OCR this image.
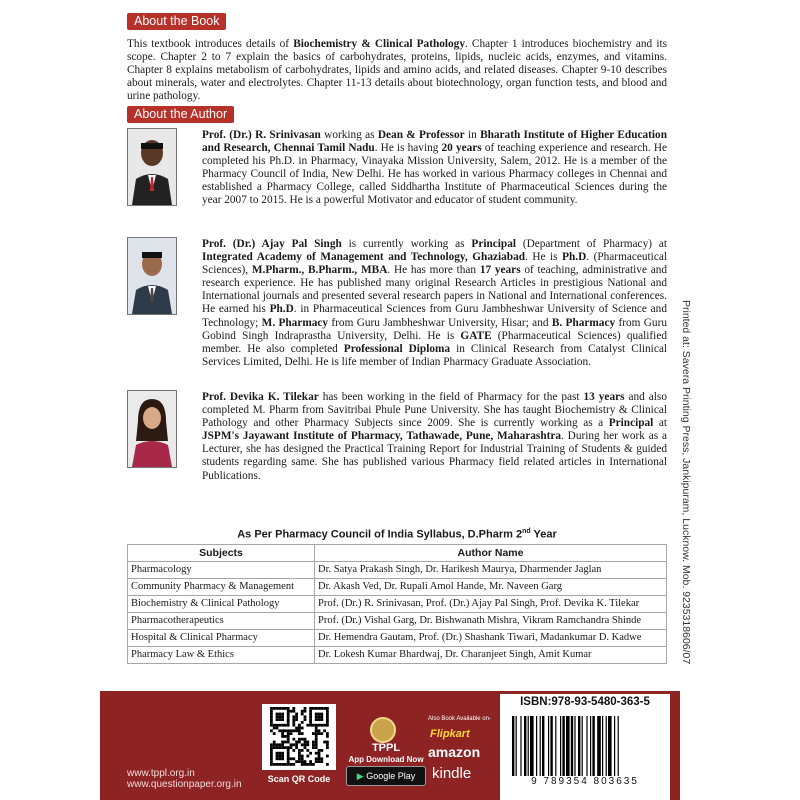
About the Book
This textbook introduces details of Biochemistry & Clinical Pathology. Chapter 1 introduces biochemistry and its scope. Chapter 2 to 7 explain the basics of carbohydrates, proteins, lipids, nucleic acids, enzymes, and vitamins. Chapter 8 explains metabolism of carbohydrates, lipids and amino acids, and related diseases. Chapter 9-10 describes about minerals, water and electrolytes. Chapter 11-13 details about biotechnology, organ function tests, and blood and urine pathology.
About the Author
Prof. (Dr.) R. Srinivasan working as Dean & Professor in Bharath Institute of Higher Education and Research, Chennai Tamil Nadu. He is having 20 years of teaching experience and research. He completed his Ph.D. in Pharmacy, Vinayaka Mission University, Salem, 2012. He is a member of the Pharmacy Council of India, New Delhi. He has worked in various Pharmacy colleges in Chennai and established a Pharmacy College, called Siddhartha Institute of Pharmaceutical Sciences during the year 2007 to 2015. He is a powerful Motivator and educator of student community.
Prof. (Dr.) Ajay Pal Singh is currently working as Principal (Department of Pharmacy) at Integrated Academy of Management and Technology, Ghaziabad. He is Ph.D. (Pharmaceutical Sciences), M.Pharm., B.Pharm., MBA. He has more than 17 years of teaching, administrative and research experience. He has published many original Research Articles in prestigious National and International journals and presented several research papers in National and International conferences. He earned his Ph.D. in Pharmaceutical Sciences from Guru Jambheshwar University of Science and Technology; M. Pharmacy from Guru Jambheshwar University, Hisar; and B. Pharmacy from Guru Gobind Singh Indraprastha University, Delhi. He is GATE (Pharmaceutical Sciences) qualified member. He also completed Professional Diploma in Clinical Research from Catalyst Clinical Services Limited, Delhi. He is life member of Indian Pharmacy Graduate Association.
Prof. Devika K. Tilekar has been working in the field of Pharmacy for the past 13 years and also completed M. Pharm from Savitribai Phule Pune University. She has taught Biochemistry & Clinical Pathology and other Pharmacy Subjects since 2009. She is currently working as a Principal at JSPM's Jayawant Institute of Pharmacy, Tathawade, Pune, Maharashtra. During her work as a Lecturer, she has designed the Practical Training Report for Industrial Training of Students & guided students regarding same. She has published various Pharmacy field related articles in International Publications.	Printed at: Savera Printing Press, Jankipuram, Lucknow. Mob. 9235318606/07
As Per Pharmacy Council of India Syllabus, D.Pharm 2nd Year
Subjects	Author Name
Pharmacology	Dr. Satya Prakash Singh, Dr. Harikesh Maurya, Dharmender Jaglan
Community Pharmacy & Management	Dr. Akash Ved, Dr. Rupali Amol Hande, Mr. Naveen Garg
Biochemistry & Clinical Pathology	Prof. (Dr.) R. Srinivasan, Prof. (Dr.) Ajay Pal Singh, Prof. Devika K. Tilekar
Pharmacotherapeutics	Prof. (Dr.) Vishal Garg, Dr. Bishwanath Mishra, Vikram Ramchandra Shinde
Hospital & Clinical Pharmacy	Dr. Hemendra Gautam, Prof. (Dr.) Shashank Tiwari, Madankumar D. Kadwe
Pharmacy Law & Ethics	Dr. Lokesh Kumar Bhardwaj, Dr. Charanjeet Singh, Amit Kumar
www.tppl.org.in
www.questionpaper.org.in	Scan QR Code
TPPL
App Download Now
▶ Google Play
Also Book Available on-
Flipkart
amazon
kindle
ISBN:978-93-5480-363-5
9 789354 803635
